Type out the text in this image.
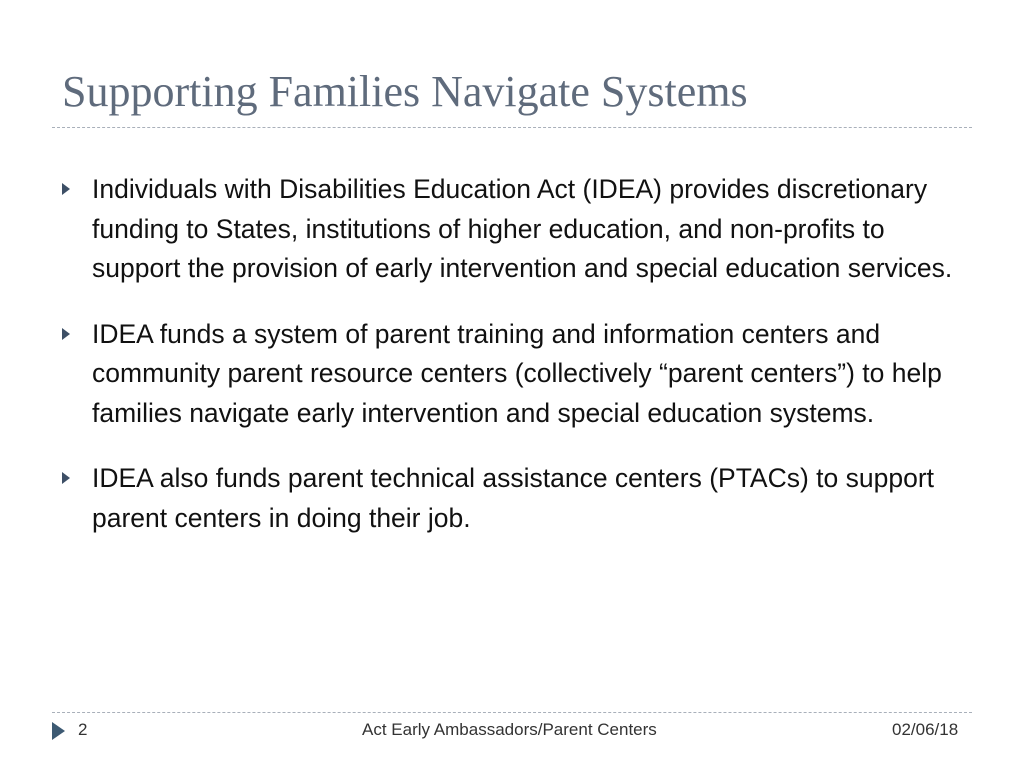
Supporting Families Navigate Systems
Individuals with Disabilities Education Act (IDEA) provides discretionary funding to States, institutions of higher education, and non-profits to support the provision of early intervention and special education services.
IDEA funds a system of parent training and information centers and community parent resource centers (collectively “parent centers”) to help families navigate early intervention and special education systems.
IDEA also funds parent technical assistance centers (PTACs) to support parent centers in doing their job.
2	Act Early Ambassadors/Parent Centers	02/06/18
